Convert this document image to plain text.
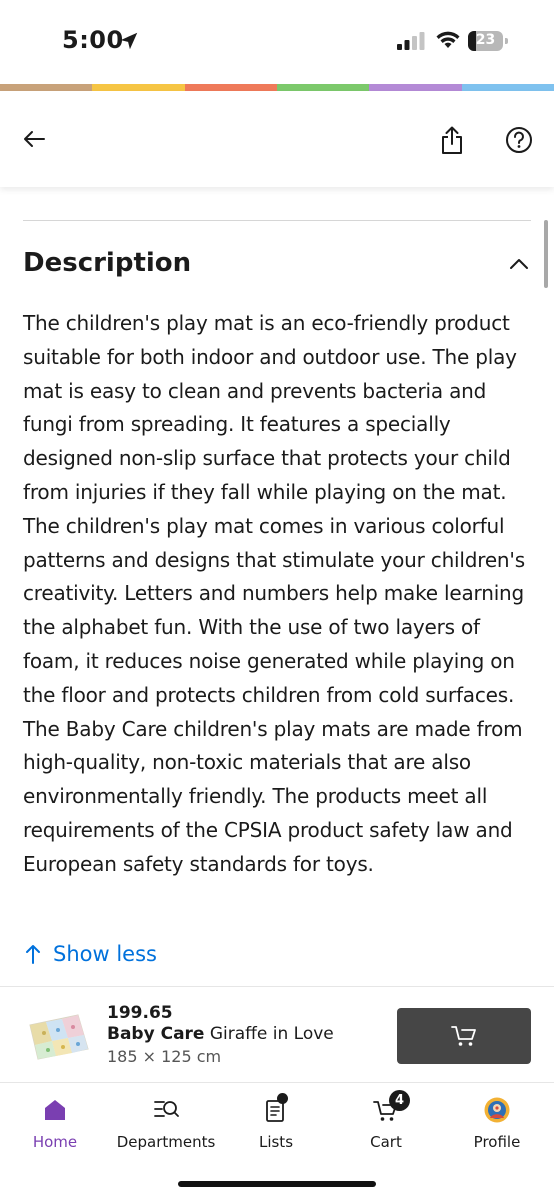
5:00	23
Description

The children's play mat is an eco-friendly product suitable for both indoor and outdoor use. The play mat is easy to clean and prevents bacteria and fungi from spreading. It features a specially designed non-slip surface that protects your child from injuries if they fall while playing on the mat. The children's play mat comes in various colorful patterns and designs that stimulate your children's creativity. Letters and numbers help make learning the alphabet fun. With the use of two layers of foam, it reduces noise generated while playing on the floor and protects children from cold surfaces. The Baby Care children's play mats are made from high-quality, non-toxic materials that are also environmentally friendly. The products meet all requirements of the CPSIA product safety law and European safety standards for toys.

Show less
199.65
Baby Care Giraffe in Love
185 × 125 cm
Home	Departments	Lists	Cart
4
Profile
